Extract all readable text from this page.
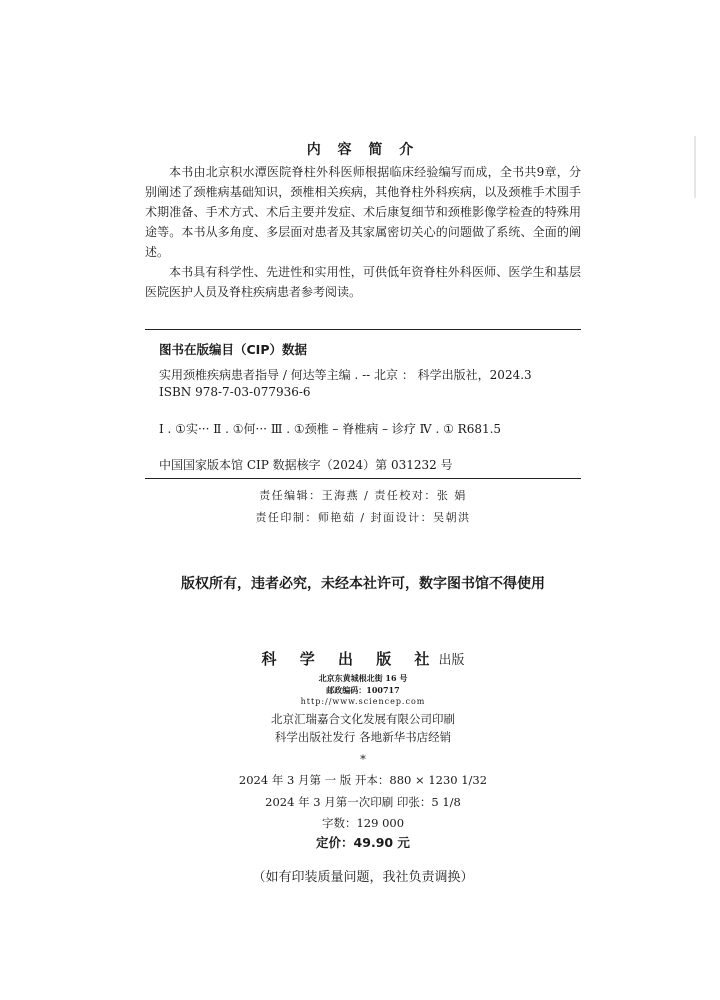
内 容 简 介

本书由北京积水潭医院脊柱外科医师根据临床经验编写而成，全书共9章，分别阐述了颈椎病基础知识，颈椎相关疾病，其他脊柱外科疾病，以及颈椎手术围手术期准备、手术方式、术后主要并发症、术后康复细节和颈椎影像学检查的特殊用途等。本书从多角度、多层面对患者及其家属密切关心的问题做了系统、全面的阐述。

本书具有科学性、先进性和实用性，可供低年资脊柱外科医师、医学生和基层医院医护人员及脊柱疾病患者参考阅读。

图书在版编目（CIP）数据

实用颈椎疾病患者指导 / 何达等主编 . -- 北京 ： 科学出版社，2024.3

ISBN 978-7-03-077936-6

Ⅰ . ①实··· Ⅱ . ①何··· Ⅲ . ①颈椎 – 脊椎病 – 诊疗 Ⅳ . ① R681.5

中国国家版本馆 CIP 数据核字（2024）第 031232 号

责任编辑：王海燕 / 责任校对：张 娟

责任印制：师艳茹 / 封面设计：吴朝洪

版权所有，违者必究，未经本社许可，数字图书馆不得使用

科 学 出 版 社出版

北京东黄城根北街 16 号

邮政编码：100717

http://www.sciencep.com

北京汇瑞嘉合文化发展有限公司印刷

科学出版社发行 各地新华书店经销

*

2024 年 3 月第 一 版 开本：880 × 1230 1/32

2024 年 3 月第一次印刷 印张：5 1/8

字数：129 000

定价：49.90 元

（如有印装质量问题，我社负责调换）
